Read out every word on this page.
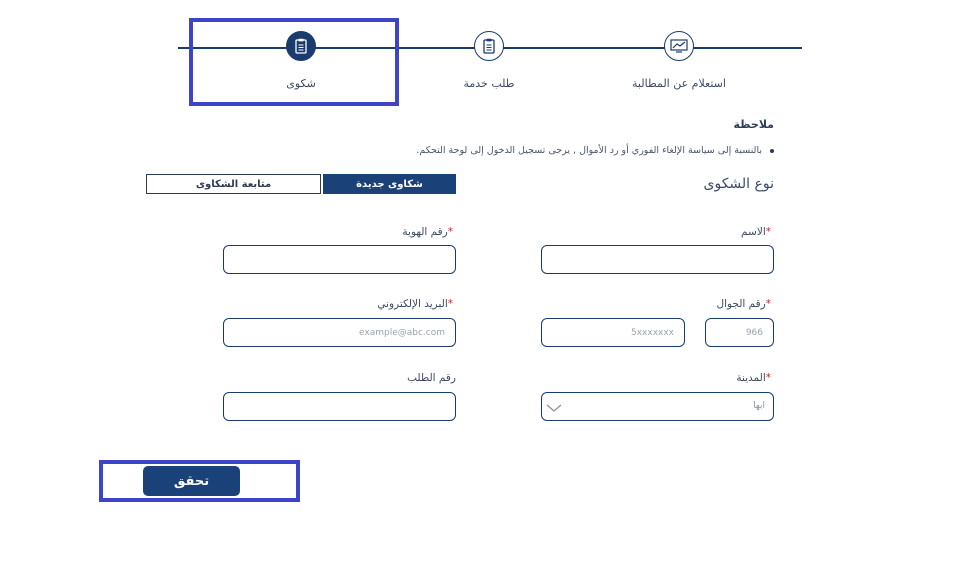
شكوى	طلب خدمة	استعلام عن المطالبة
ملاحظة
بالنسبة إلى سياسة الإلغاء الفوري أو رد الأموال , يرجى تسجيل الدخول إلى لوحة التحكم.
نوع الشكوى
شكاوى جديدة
متابعة الشكاوى
*الاسم
*رقم الهوية
*رقم الجوال
966
5xxxxxxx
*البريد الإلكتروني
example@abc.com
*المدينة
ابها
رقم الطلب
تحقق
